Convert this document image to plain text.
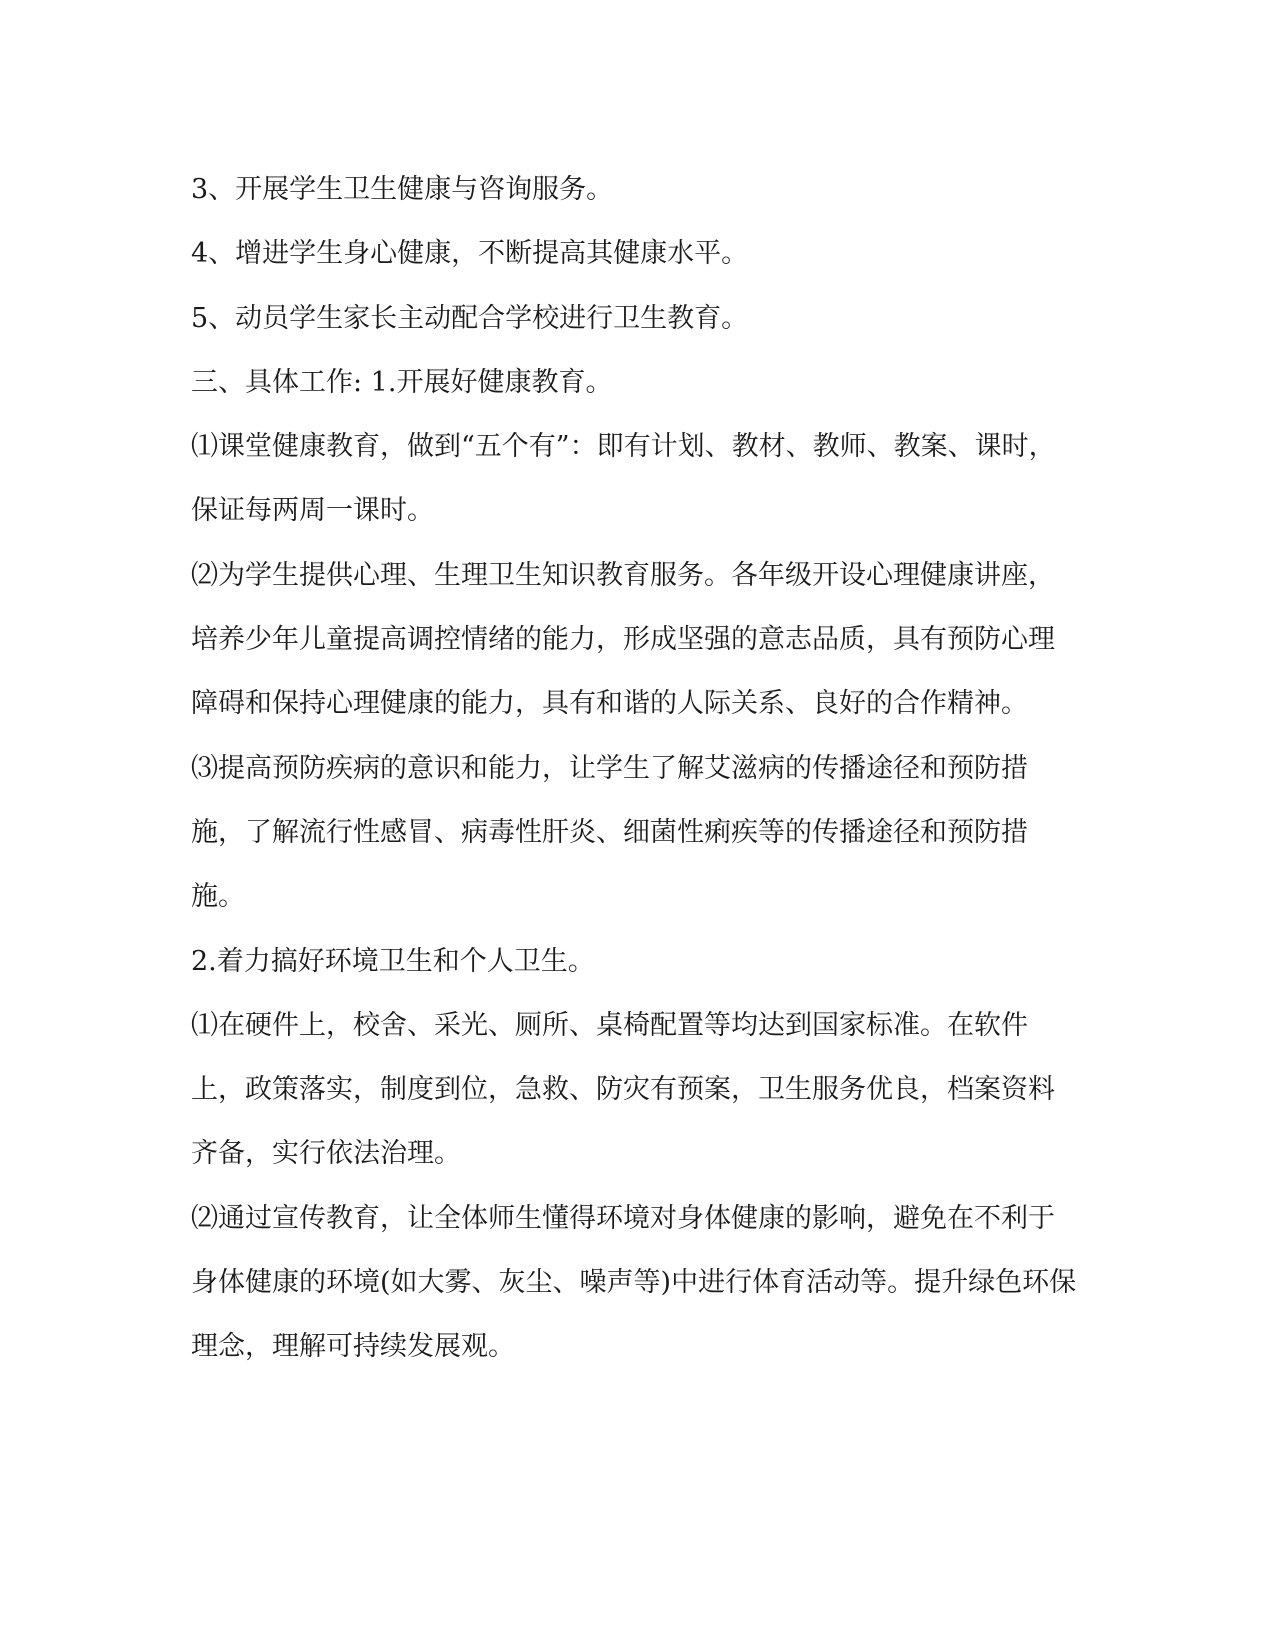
3、开展学生卫生健康与咨询服务。

4、增进学生身心健康，不断提高其健康水平。

5、动员学生家长主动配合学校进行卫生教育。

三、具体工作: 1.开展好健康教育。

⑴课堂健康教育，做到“五个有”：即有计划、教材、教师、教案、课时，保证每两周一课时。

⑵为学生提供心理、生理卫生知识教育服务。各年级开设心理健康讲座，培养少年儿童提高调控情绪的能力，形成坚强的意志品质，具有预防心理障碍和保持心理健康的能力，具有和谐的人际关系、良好的合作精神。

⑶提高预防疾病的意识和能力，让学生了解艾滋病的传播途径和预防措施，了解流行性感冒、病毒性肝炎、细菌性痢疾等的传播途径和预防措施。

2.着力搞好环境卫生和个人卫生。

⑴在硬件上，校舍、采光、厕所、桌椅配置等均达到国家标准。在软件上，政策落实，制度到位，急救、防灾有预案，卫生服务优良，档案资料齐备，实行依法治理。

⑵通过宣传教育，让全体师生懂得环境对身体健康的影响，避免在不利于身体健康的环境(如大雾、灰尘、噪声等)中进行体育活动等。提升绿色环保理念，理解可持续发展观。
